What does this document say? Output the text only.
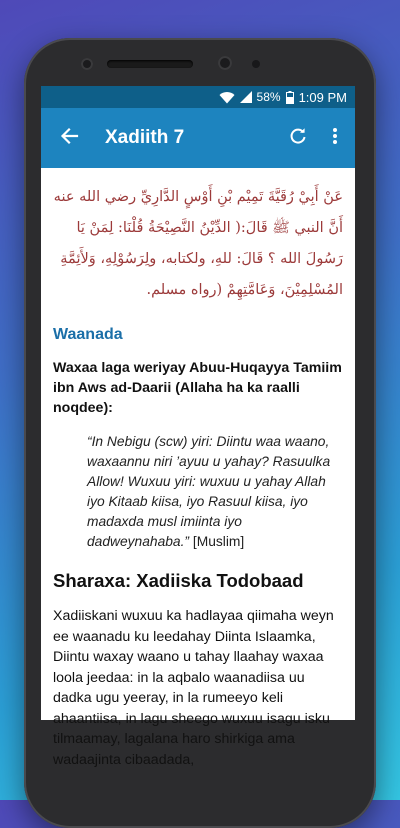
58% 1:09 PM
Xadiith 7
عَنْ أَبِيْ رُقَيَّةَ تَمِيْم بْنِ أَوْسٍ الدَّارِيِّ رضي الله عنه أَنَّ النبي ﷺ قَالَ:( الدِّيْنُ النَّصِيْحَةُ قُلْنَا: لِمَنْ يَا رَسُولَ الله ؟ قَالَ: للهِ، ولكتابه، ولِرَسُوْلِهِ، وَلأَئِمَّةِ المُسْلِمِيْنَ، وَعَامَّتِهِمْ (رواه مسلم.
Waanada
Waxaa laga weriyay Abuu-Huqayya Tamiim ibn Aws ad-Daarii (Allaha ha ka raalli noqdee):
“In Nebigu (scw) yiri: Diintu waa waano, waxaannu niri ’ayuu u yahay? Rasuulka Allow! Wuxuu yiri: wuxuu u yahay Allah iyo Kitaab kiisa, iyo Rasuul kiisa, iyo madaxda musl imiinta iyo dadweynahaba.” [Muslim]
Sharaxa: Xadiiska Todobaad
Xadiiskani wuxuu ka hadlayaa qiimaha weyn ee waanadu ku leedahay Diinta Islaamka, Diintu waxay waano u tahay llaahay waxaa loola jeedaa: in la aqbalo waanadiisa uu dadka ugu yeeray, in la rumeeyo keli ahaantiisa, in lagu sheego wuxuu isagu isku tilmaamay, lagalana haro shirkiga ama wadaajinta cibaadada,
